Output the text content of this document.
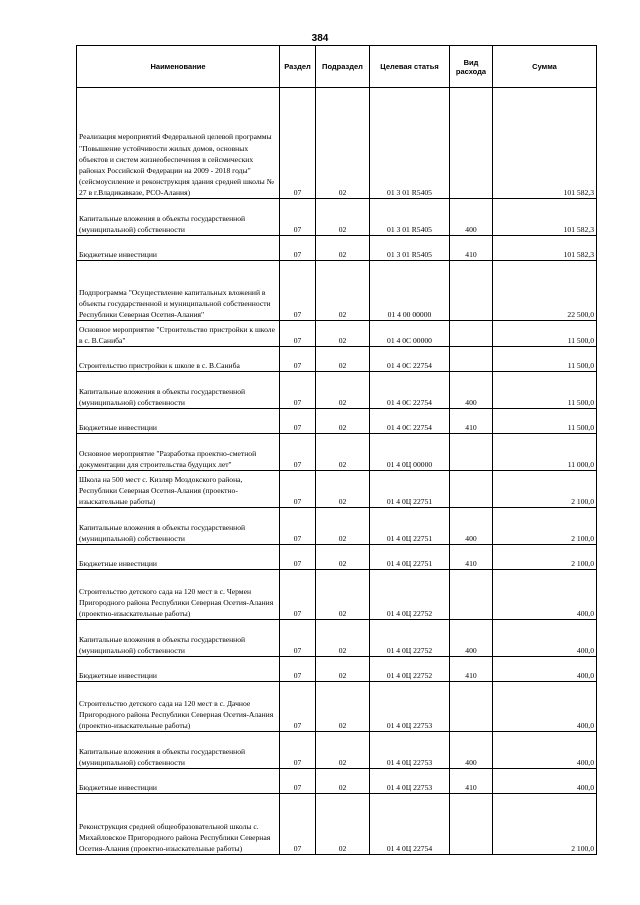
384
Наименование	Раздел	Подраздел	Целевая статья	Вид расхода	Сумма
Реализация мероприятий Федеральной целевой программы "Повышение устойчивости жилых домов, основных объектов и систем жизнеобеспечения в сейсмических районах Российской Федерации на 2009 - 2018 годы" (сейсмоусиление и реконструкция здания средней школы № 27 в г.Владикавказе, РСО-Алания)	07	02	01 3 01 R5405		101 582,3
Капитальные вложения в объекты государственной (муниципальной) собственности	07	02	01 3 01 R5405	400	101 582,3
Бюджетные инвестиции	07	02	01 3 01 R5405	410	101 582,3
Подпрограмма "Осуществление капитальных вложений в объекты государственной и муниципальной собственности Республики Северная Осетия-Алания"	07	02	01 4 00 00000		22 500,0
Основное мероприятие "Строительство пристройки к школе в с. В.Саниба"	07	02	01 4 0С 00000		11 500,0
Строительство пристройки к школе в с. В.Саниба	07	02	01 4 0С 22754		11 500,0
Капитальные вложения в объекты государственной (муниципальной) собственности	07	02	01 4 0С 22754	400	11 500,0
Бюджетные инвестиции	07	02	01 4 0С 22754	410	11 500,0
Основное мероприятие "Разработка проектно-сметной документации для строительства будущих лет"	07	02	01 4 0Ц 00000		11 000,0
Школа на 500 мест с. Кизляр Моздокского района, Республики Северная Осетия-Алания (проектно-изыскательные работы)	07	02	01 4 0Ц 22751		2 100,0
Капитальные вложения в объекты государственной (муниципальной) собственности	07	02	01 4 0Ц 22751	400	2 100,0
Бюджетные инвестиции	07	02	01 4 0Ц 22751	410	2 100,0
Строительство детского сада на 120 мест в с. Чермен Пригородного района Республики Северная Осетия-Алания (проектно-изыскательные работы)	07	02	01 4 0Ц 22752		400,0
Капитальные вложения в объекты государственной (муниципальной) собственности	07	02	01 4 0Ц 22752	400	400,0
Бюджетные инвестиции	07	02	01 4 0Ц 22752	410	400,0
Строительство детского сада на 120 мест в с. Дачное Пригородного района Республики Северная Осетия-Алания (проектно-изыскательные работы)	07	02	01 4 0Ц 22753		400,0
Капитальные вложения в объекты государственной (муниципальной) собственности	07	02	01 4 0Ц 22753	400	400,0
Бюджетные инвестиции	07	02	01 4 0Ц 22753	410	400,0
Реконструкция средней общеобразовательной школы с. Михайловское Пригородного района Республики Северная Осетия-Алания (проектно-изыскательные работы)	07	02	01 4 0Ц 22754		2 100,0
